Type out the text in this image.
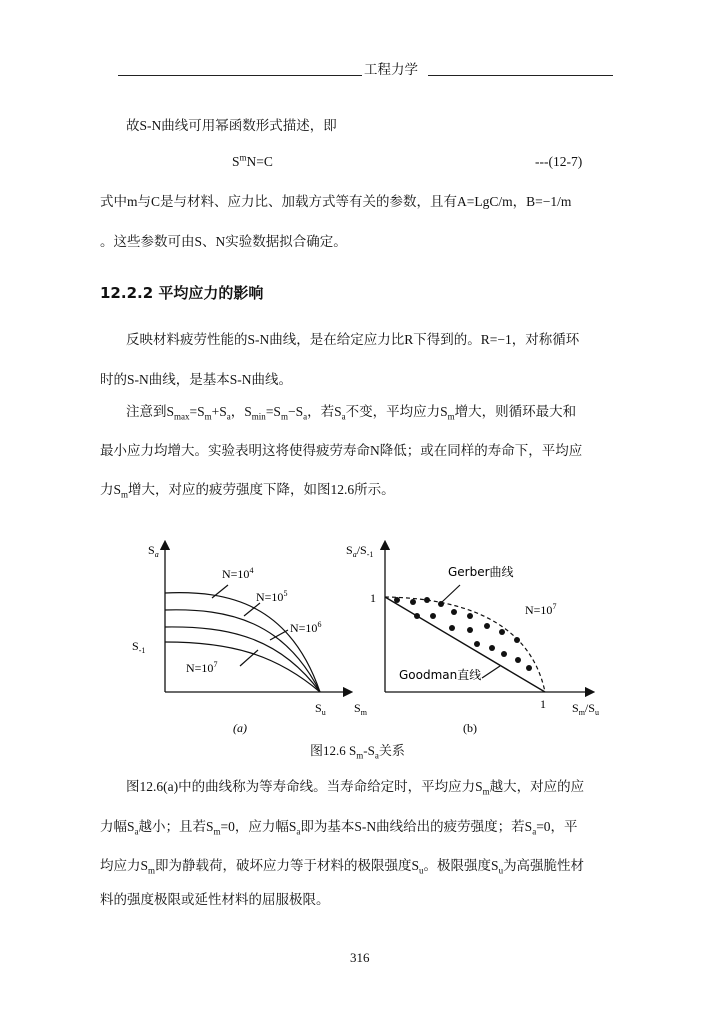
工程力学
故S-N曲线可用幂函数形式描述，即
$S^mN=C$	---(12-7)
式中m与C是与材料、应力比、加载方式等有关的参数，且有A=LgC/m，B=−1/m
。这些参数可由S、N实验数据拟合确定。
12.2.2 平均应力的影响
反映材料疲劳性能的S-N曲线，是在给定应力比R下得到的。R=−1，对称循环
时的S-N曲线，是基本S-N曲线。
注意到$S_{max}=S_m+S_a$，$S_{min}=S_m-S_a$，若$S_a$不变，平均应力$S_m$增大，则循环最大和
最小应力均增大。实验表明这将使得疲劳寿命N降低；或在同样的寿命下，平均应
力$S_m$增大，对应的疲劳强度下降，如图12.6所示。
$S_a$
$S_{-1}$
$N=10^4$
$N=10^5$
$N=10^6$
$N=10^7$
$S_u$ $S_m$
(a)
$S_a/S_{-1}$
1
1 $S_m/S_u$
Gerber曲线
$N=10^7$
Goodman直线
(b)
图12.6 $S_m-S_a$关系
图12.6(a)中的曲线称为等寿命线。当寿命给定时，平均应力$S_m$越大，对应的应
力幅$S_a$越小；且若$S_m=0$，应力幅$S_a$即为基本S-N曲线给出的疲劳强度；若$S_a=0$，平
均应力$S_m$即为静载荷，破坏应力等于材料的极限强度$S_u$。极限强度$S_u$为高强脆性材
料的强度极限或延性材料的屈服极限。
316
